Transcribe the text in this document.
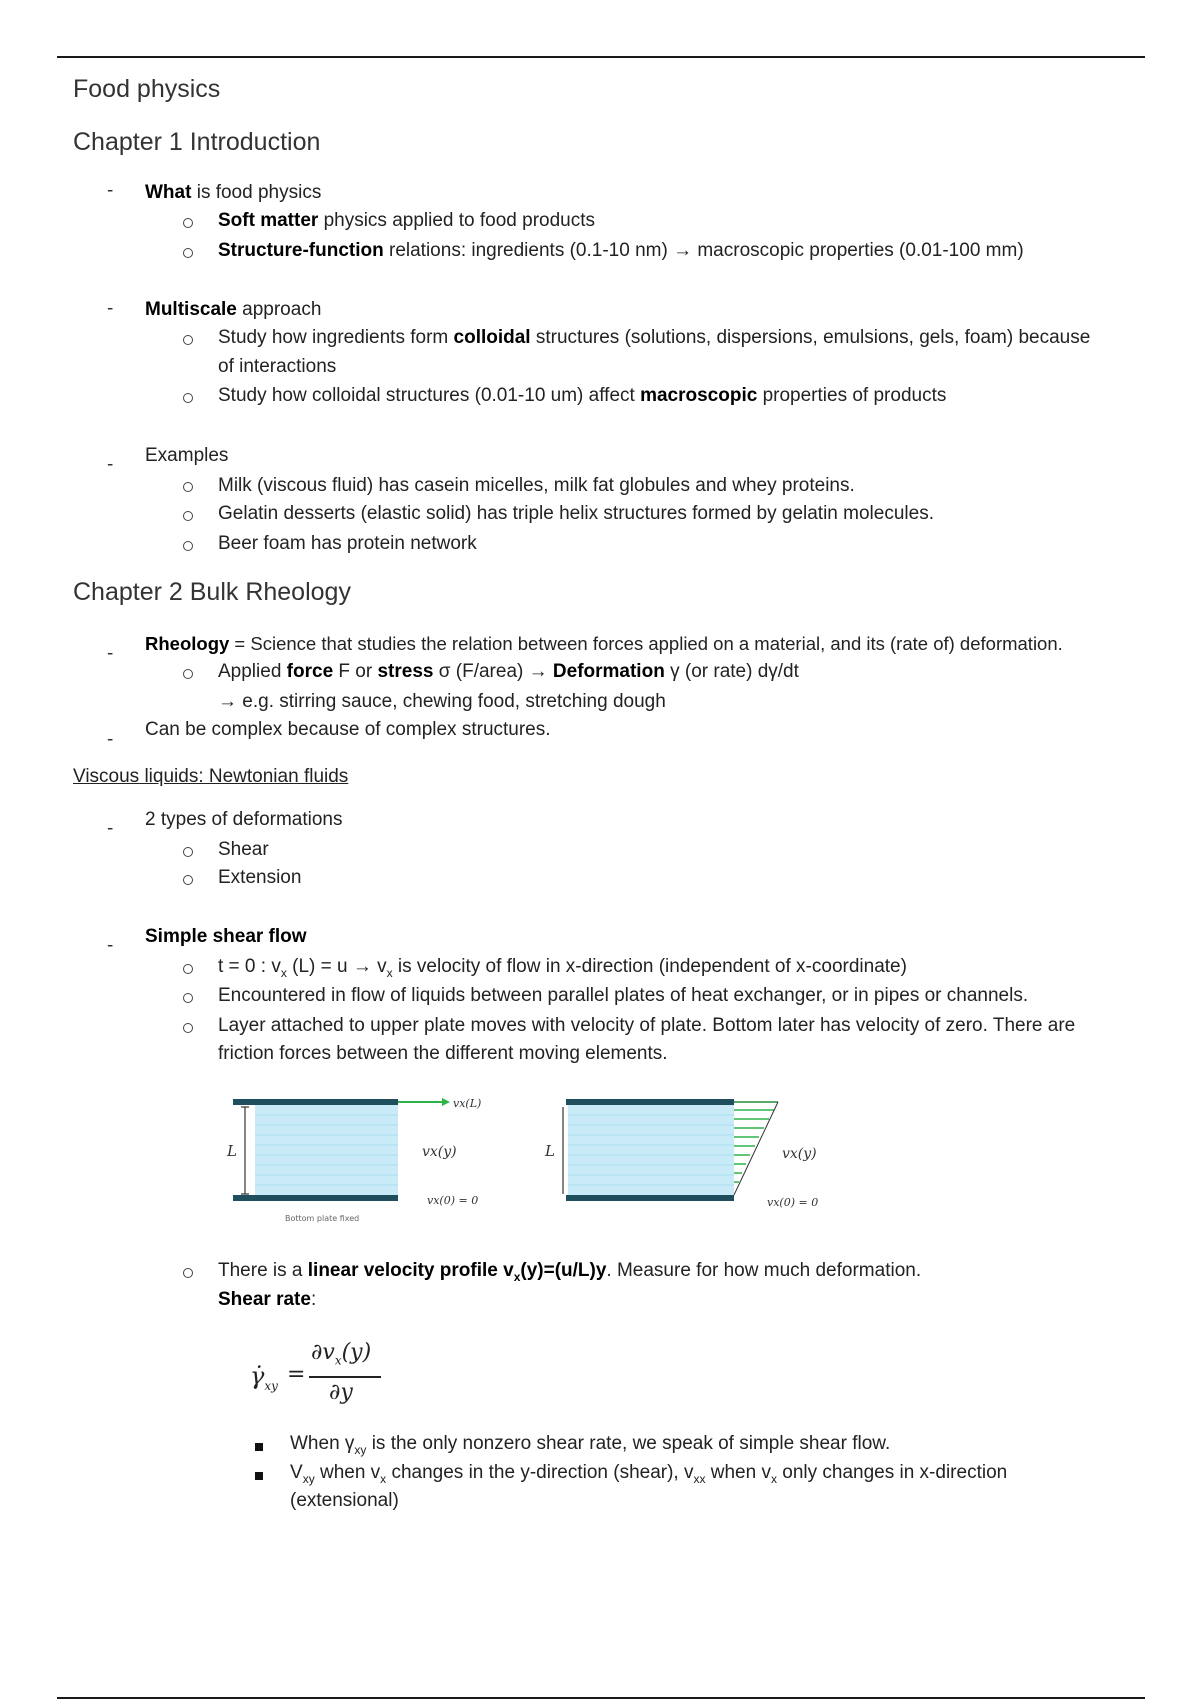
Food physics
Chapter 1 Introduction
- What is food physics
Soft matter physics applied to food products
Structure-function relations: ingredients (0.1-10 nm) → macroscopic properties (0.01-100 mm)
- Multiscale approach
Study how ingredients form colloidal structures (solutions, dispersions, emulsions, gels, foam) because
of interactions
Study how colloidal structures (0.01-10 um) affect macroscopic properties of products
- Examples
Milk (viscous fluid) has casein micelles, milk fat globules and whey proteins.
Gelatin desserts (elastic solid) has triple helix structures formed by gelatin molecules.
Beer foam has protein network
Chapter 2 Bulk Rheology
- Rheology = Science that studies the relation between forces applied on a material, and its (rate of) deformation.
Applied force F or stress σ (F/area) → Deformation γ (or rate) dγ/dt
→ e.g. stirring sauce, chewing food, stretching dough
- Can be complex because of complex structures.
Viscous liquids: Newtonian fluids
- 2 types of deformations
Shear
Extension
- Simple shear flow
t = 0 : $v_x$ $(L) = u \to v_x$ is velocity of flow in x-direction (independent of x-coordinate)
Encountered in flow of liquids between parallel plates of heat exchanger, or in pipes or channels.
Layer attached to upper plate moves with velocity of plate. Bottom later has velocity of zero. There are
friction forces between the different moving elements.
vx(L)
L	vx(y)
vx(0) = 0
Bottom plate fixed
L	vx(y)
vx(0) = 0
There is a linear velocity profile $v_x(y)=(u/L)y$. Measure for how much deformation.
Shear rate:
$\gammȧ_{xy}$ =
$\partial v_x(y)$
∂y
When $\gamma_{xy}$ is the only nonzero shear rate, we speak of simple shear flow.
$V_{xy}$ when $v_x$ changes in the y-direction (shear), $v_{xx}$ when $v_x$ only changes in x-direction
(extensional)
